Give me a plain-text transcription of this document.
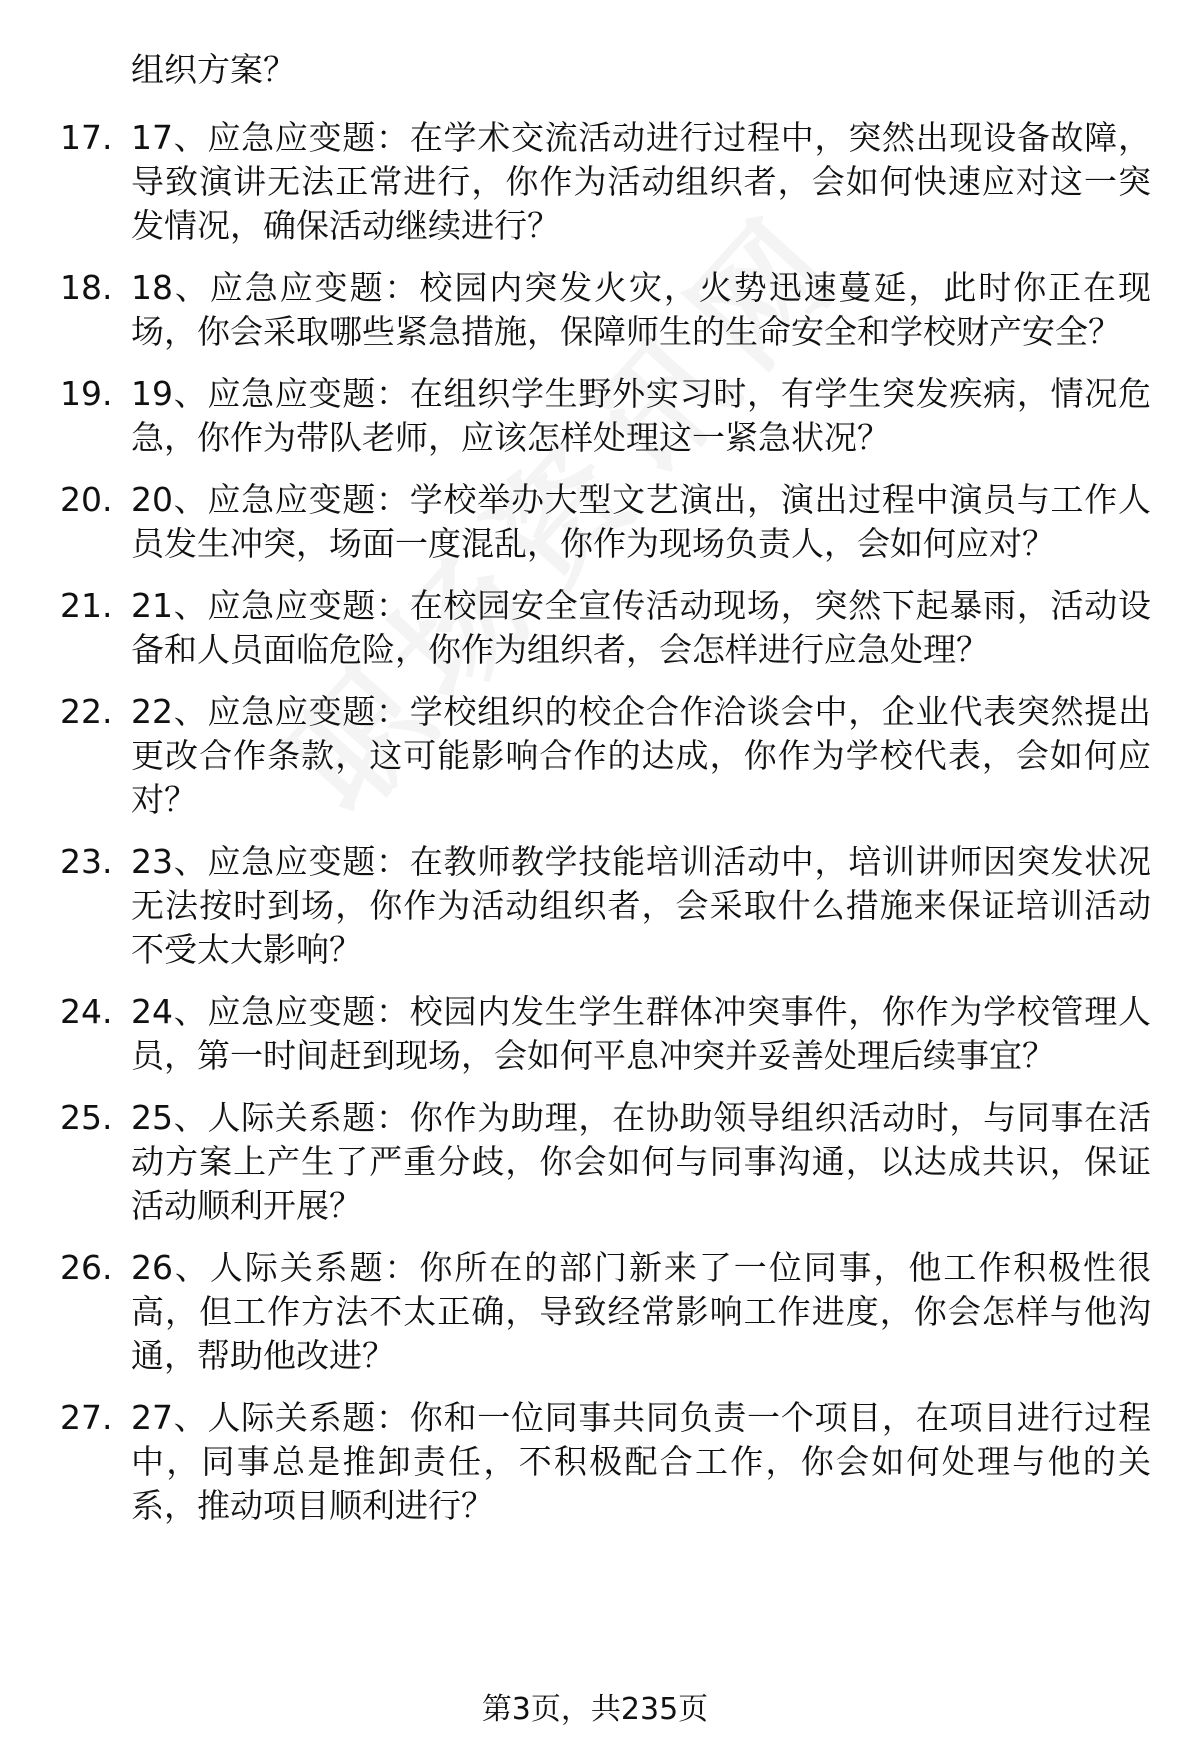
组织方案？
17. 17、应急应变题：在学术交流活动进行过程中，突然出现设备故障，导致演讲无法正常进行，你作为活动组织者，会如何快速应对这一突发情况，确保活动继续进行？
18. 18、应急应变题：校园内突发火灾，火势迅速蔓延，此时你正在现场，你会采取哪些紧急措施，保障师生的生命安全和学校财产安全？
19. 19、应急应变题：在组织学生野外实习时，有学生突发疾病，情况危急，你作为带队老师，应该怎样处理这一紧急状况？
20. 20、应急应变题：学校举办大型文艺演出，演出过程中演员与工作人员发生冲突，场面一度混乱，你作为现场负责人，会如何应对？
21. 21、应急应变题：在校园安全宣传活动现场，突然下起暴雨，活动设备和人员面临危险，你作为组织者，会怎样进行应急处理？
22. 22、应急应变题：学校组织的校企合作洽谈会中，企业代表突然提出更改合作条款，这可能影响合作的达成，你作为学校代表，会如何应对？
23. 23、应急应变题：在教师教学技能培训活动中，培训讲师因突发状况无法按时到场，你作为活动组织者，会采取什么措施来保证培训活动不受太大影响？
24. 24、应急应变题：校园内发生学生群体冲突事件，你作为学校管理人员，第一时间赶到现场，会如何平息冲突并妥善处理后续事宜？
25. 25、人际关系题：你作为助理，在协助领导组织活动时，与同事在活动方案上产生了严重分歧，你会如何与同事沟通，以达成共识，保证活动顺利开展？
26. 26、人际关系题：你所在的部门新来了一位同事，他工作积极性很高，但工作方法不太正确，导致经常影响工作进度，你会怎样与他沟通，帮助他改进？
27. 27、人际关系题：你和一位同事共同负责一个项目，在项目进行过程中，同事总是推卸责任，不积极配合工作，你会如何处理与他的关系，推动项目顺利进行？
第3页，共235页
